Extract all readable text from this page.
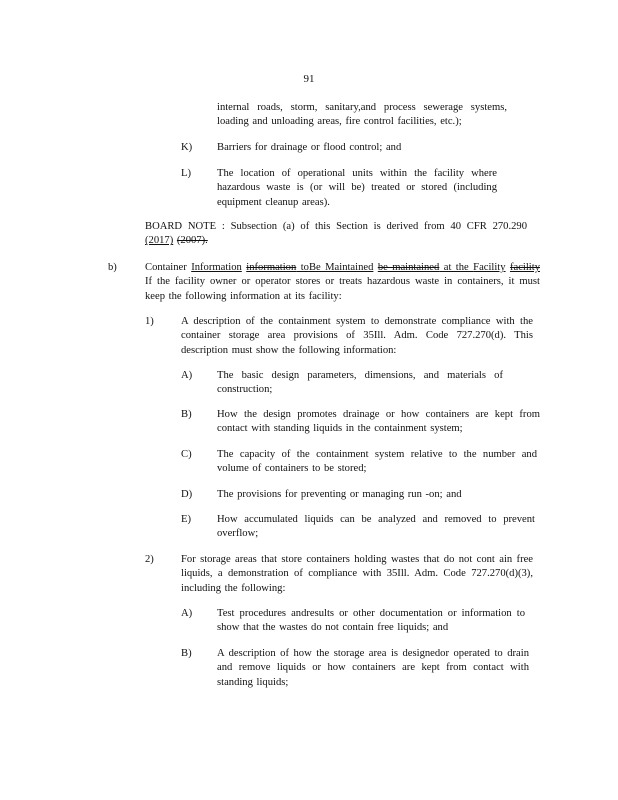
91
internal roads, storm, sanitary,and process sewerage systems, loading and unloading areas, fire control facilities, etc.);
K) Barriers for drainage or flood control; and
L) The location of operational units within the facility where hazardous waste is (or will be) treated or stored (including equipment cleanup areas).
BOARD NOTE : Subsection (a) of this Section is derived from 40 CFR 270.290 (2017) (2007).
b)	Container Information information toBe Maintained be maintained at the Facility facility If the facility owner or operator stores or treats hazardous waste in containers, it must keep the following information at its facility:
1)	A description of the containment system to demonstrate compliance with the container storage area provisions of 35Ill. Adm. Code 727.270(d). This description must show the following information:
A) The basic design parameters, dimensions, and materials of construction;
B) How the design promotes drainage or how containers are kept from contact with standing liquids in the containment system;
C) The capacity of the containment system relative to the number and volume of containers to be stored;
D) The provisions for preventing or managing run -on; and
E) How accumulated liquids can be analyzed and removed to prevent overflow;
2)	For storage areas that store containers holding wastes that do not cont ain free liquids, a demonstration of compliance with 35Ill. Adm. Code 727.270(d)(3), including the following:
A) Test procedures andresults or other documentation or information to show that the wastes do not contain free liquids; and
B) A description of how the storage area is designedor operated to drain and remove liquids or how containers are kept from contact with standing liquids;
